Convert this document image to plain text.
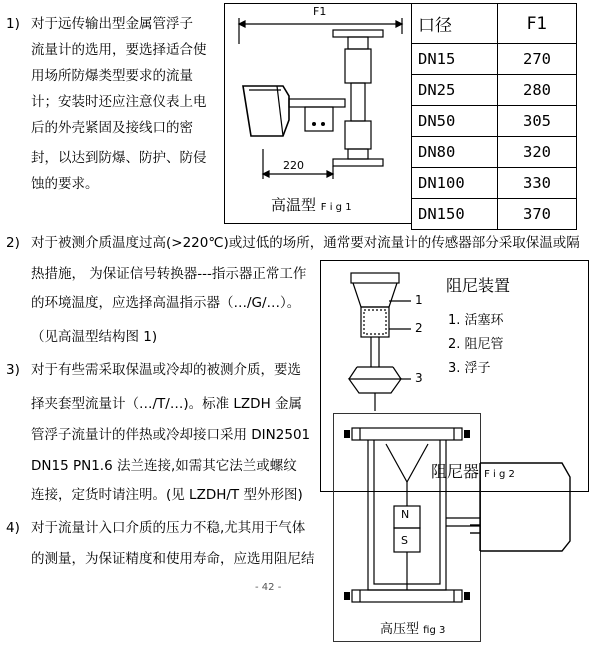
1) 对于远传输出型金属管浮子
流量计的选用，要选择适合使
用场所防爆类型要求的流量
计；安装时还应注意仪表上电
后的外壳紧固及接线口的密
封，以达到防爆、防护、防侵
蚀的要求。
F1
220
高温型 F i g 1
口径	F1
DN15	270
DN25	280
DN50	305
DN80	320
DN100	330
DN150	370
2) 对于被测介质温度过高(>220℃)或过低的场所，通常要对流量计的传感器部分采取保温或隔
热措施， 为保证信号转换器---指示器正常工作
的环境温度，应选择高温指示器（…/G/…）。
（见高温型结构图 1)
3) 对于有些需采取保温或冷却的被测介质，要选
择夹套型流量计（…/T/…)。标准 LZDH 金属
管浮子流量计的伴热或冷却接口采用 DIN2501
DN15 PN1.6 法兰连接,如需其它法兰或螺纹
连接，定货时请注明。(见 LZDH/T 型外形图)
4) 对于流量计入口介质的压力不稳,尤其用于气体
的测量，为保证精度和使用寿命，应选用阻尼结
阻尼装置
1. 活塞环
2. 阻尼管
3. 浮子
1
2
3
阻尼器 F i g 2
N
S
高压型 fig 3
- 42 -
